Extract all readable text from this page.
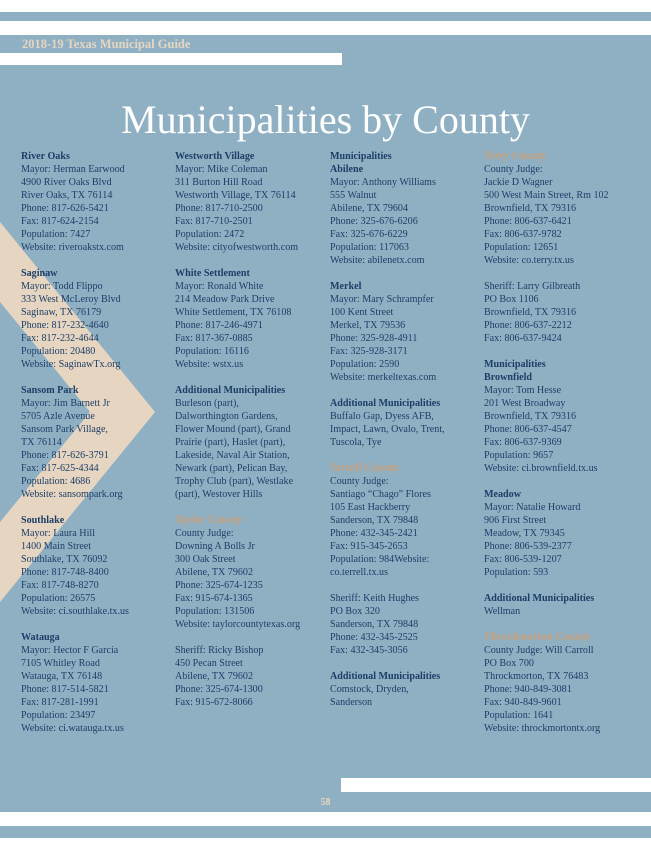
2018-19 Texas Municipal Guide
Municipalities by County
River Oaks
Mayor: Herman Earwood
4900 River Oaks Blvd
River Oaks, TX 76114
Phone: 817-626-5421
Fax: 817-624-2154
Population: 7427
Website: riveroakstx.com
Saginaw
Mayor: Todd Flippo
333 West McLeroy Blvd
Saginaw, TX 76179
Phone: 817-232-4640
Fax: 817-232-4644
Population: 20480
Website: SaginawTx.org
Sansom Park
Mayor: Jim Barnett Jr
5705 Azle Avenue
Sansom Park Village,
TX 76114
Phone: 817-626-3791
Fax: 817-625-4344
Population: 4686
Website: sansompark.org
Southlake
Mayor: Laura Hill
1400 Main Street
Southlake, TX 76092
Phone: 817-748-8400
Fax: 817-748-8270
Population: 26575
Website: ci.southlake.tx.us
Watauga
Mayor: Hector F Garcia
7105 Whitley Road
Watauga, TX 76148
Phone: 817-514-5821
Fax: 817-281-1991
Population: 23497
Website: ci.watauga.tx.us
Westworth Village
Mayor: Mike Coleman
311 Burton Hill Road
Westworth Village, TX 76114
Phone: 817-710-2500
Fax: 817-710-2501
Population: 2472
Website: cityofwestworth.com
White Settlement
Mayor: Ronald White
214 Meadow Park Drive
White Settlement, TX 76108
Phone: 817-246-4971
Fax: 817-367-0885
Population: 16116
Website: wstx.us
Additional Municipalities
Burleson (part),
Dalworthington Gardens,
Flower Mound (part), Grand
Prairie (part), Haslet (part),
Lakeside, Naval Air Station,
Newark (part), Pelican Bay,
Trophy Club (part), Westlake
(part), Westover Hills
Taylor County
County Judge:
Downing A Bolls Jr
300 Oak Street
Abilene, TX 79602
Phone: 325-674-1235
Fax: 915-674-1365
Population: 131506
Website: taylorcountytexas.org
Sheriff: Ricky Bishop
450 Pecan Street
Abilene, TX 79602
Phone: 325-674-1300
Fax: 915-672-8066
Municipalities
Abilene
Mayor: Anthony Williams
555 Walnut
Abilene, TX 79604
Phone: 325-676-6206
Fax: 325-676-6229
Population: 117063
Website: abilenetx.com
Merkel
Mayor: Mary Schrampfer
100 Kent Street
Merkel, TX 79536
Phone: 325-928-4911
Fax: 325-928-3171
Population: 2590
Website: merkeltexas.com
Additional Municipalities
Buffalo Gap, Dyess AFB,
Impact, Lawn, Ovalo, Trent,
Tuscola, Tye
Terrell County
County Judge:
Santiago “Chago” Flores
105 East Hackberry
Sanderson, TX 79848
Phone: 432-345-2421
Fax: 915-345-2653
Population: 984Website:
co.terrell.tx.us
Sheriff: Keith Hughes
PO Box 320
Sanderson, TX 79848
Phone: 432-345-2525
Fax: 432-345-3056
Additional Municipalities
Comstock, Dryden,
Sanderson
Terry County
County Judge:
Jackie D Wagner
500 West Main Street, Rm 102
Brownfield, TX 79316
Phone: 806-637-6421
Fax: 806-637-9782
Population: 12651
Website: co.terry.tx.us
Sheriff: Larry Gilbreath
PO Box 1106
Brownfield, TX 79316
Phone: 806-637-2212
Fax: 806-637-9424
Municipalities
Brownfield
Mayor: Tom Hesse
201 West Broadway
Brownfield, TX 79316
Phone: 806-637-4547
Fax: 806-637-9369
Population: 9657
Website: ci.brownfield.tx.us
Meadow
Mayor: Natalie Howard
906 First Street
Meadow, TX 79345
Phone: 806-539-2377
Fax: 806-539-1207
Population: 593
Additional Municipalities
Wellman
Throckmorton County
County Judge: Will Carroll
PO Box 700
Throckmorton, TX 76483
Phone: 940-849-3081
Fax: 940-849-9601
Population: 1641
Website: throckmortontx.org
58
